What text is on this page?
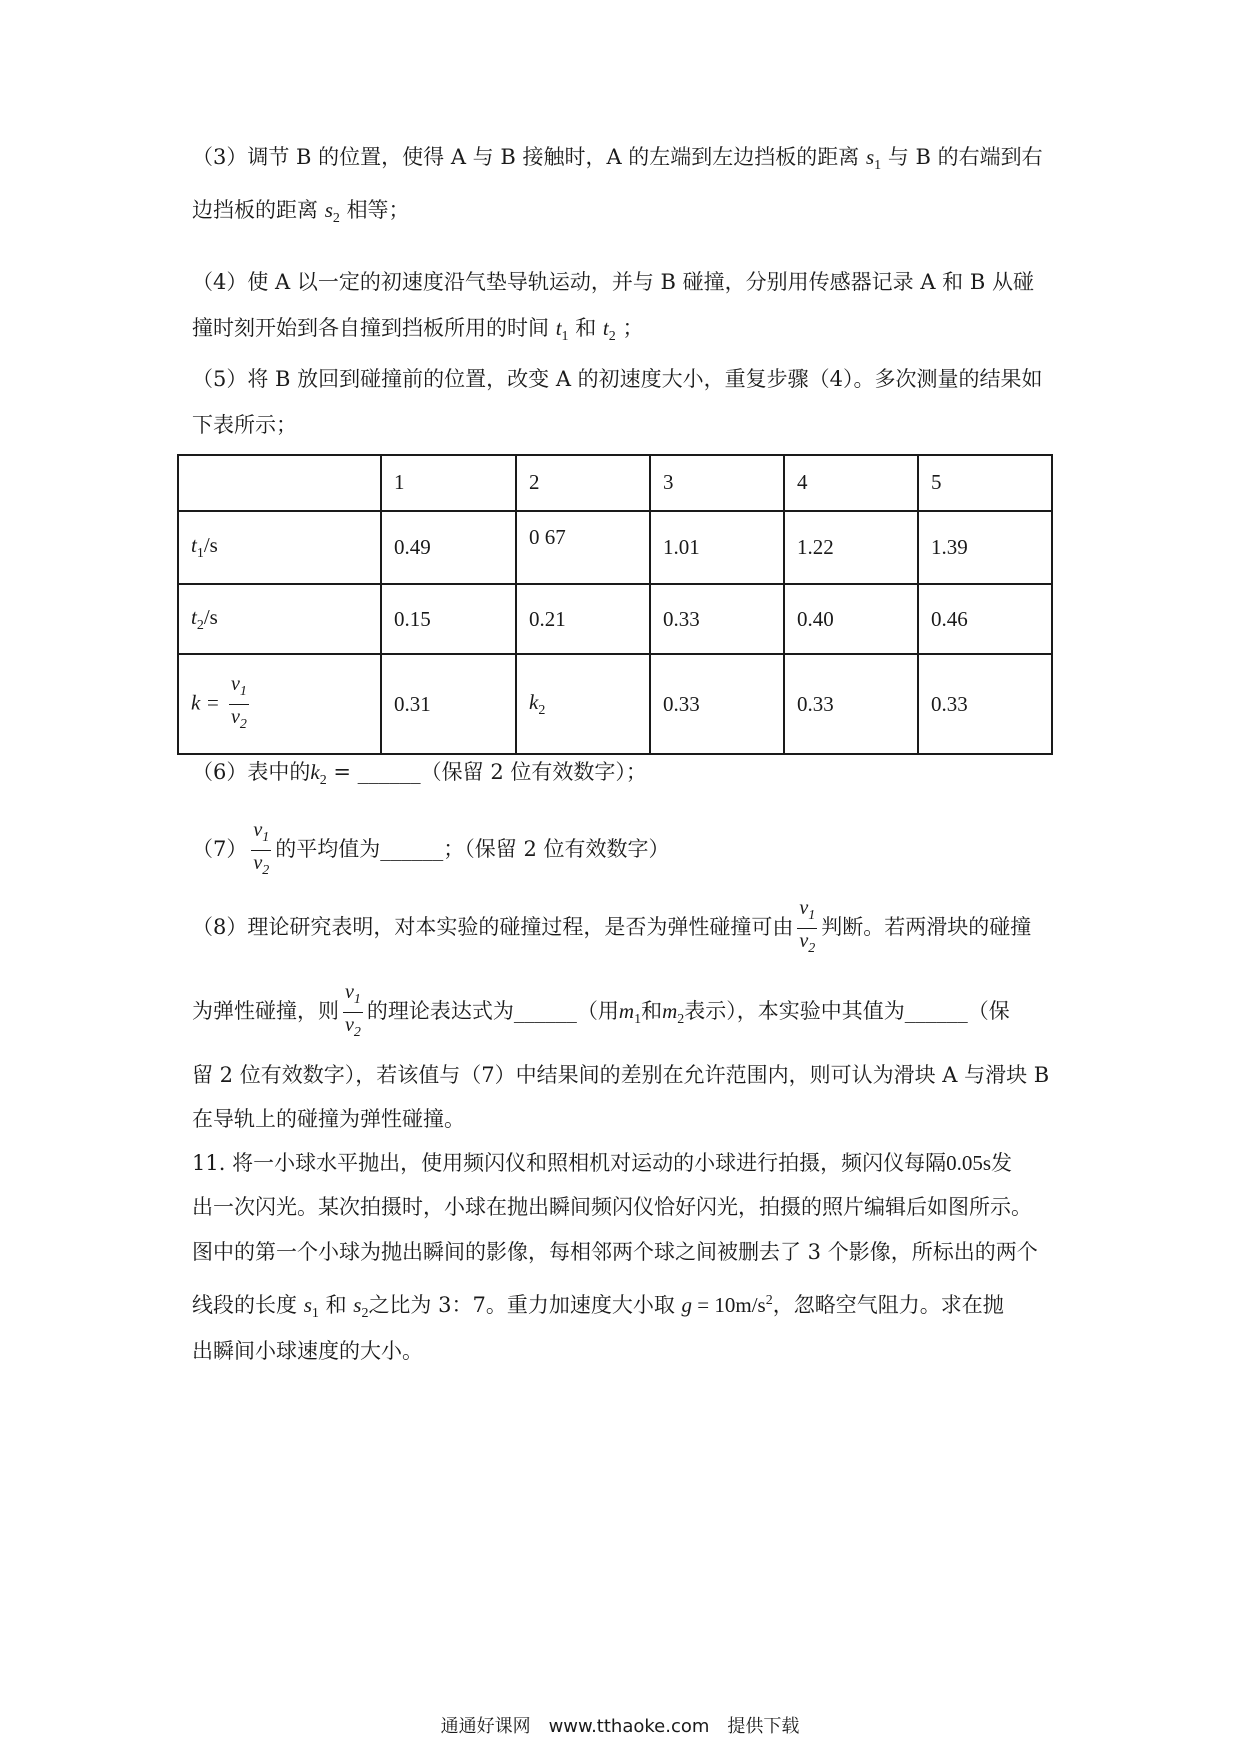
（3）调节 B 的位置，使得 A 与 B 接触时，A 的左端到左边挡板的距离 $s_1$ 与 B 的右端到右
边挡板的距离 $s_2$ 相等；
（4）使 A 以一定的初速度沿气垫导轨运动，并与 B 碰撞，分别用传感器记录 A 和 B 从碰
撞时刻开始到各自撞到挡板所用的时间 $t_1$ 和 $t_2$ ；
（5）将 B 放回到碰撞前的位置，改变 A 的初速度大小，重复步骤（4）。多次测量的结果如
下表所示；
	1	2	3	4	5
$t_1/s$	0.49	0 67	1.01	1.22	1.39
$t_2/s$	0.15	0.21	0.33	0.40	0.46
$k = \frac{v_1}{v_2}$	0.31	$k_2$	0.33	0.33	0.33
（6）表中的$k_2$ = ______（保留 2 位有效数字）；
$(7) \frac{v_1}{v_2}$ 的平均值为______；（保留 2 位有效数字）
（8）理论研究表明，对本实验的碰撞过程，是否为弹性碰撞可由 $\frac{v_1}{v_2}$ 判断。若两滑块的碰撞
为弹性碰撞，则 $\frac{v_1}{v_2}$ 的理论表达式为______（用$m_1$和$m_2$表示），本实验中其值为______（保
留 2 位有效数字），若该值与（7）中结果间的差别在允许范围内，则可认为滑块 A 与滑块 B
在导轨上的碰撞为弹性碰撞。
11. 将一小球水平抛出，使用频闪仪和照相机对运动的小球进行拍摄，频闪仪每隔0.05s发
出一次闪光。某次拍摄时，小球在抛出瞬间频闪仪恰好闪光，拍摄的照片编辑后如图所示。
图中的第一个小球为抛出瞬间的影像，每相邻两个球之间被删去了 3 个影像，所标出的两个
线段的长度 $s_1$ 和 $s_2$之比为 3：7。重力加速度大小取 $g = 10m/s^2$，忽略空气阻力。求在抛
出瞬间小球速度的大小。
通通好课网　www.tthaoke.com　提供下载
